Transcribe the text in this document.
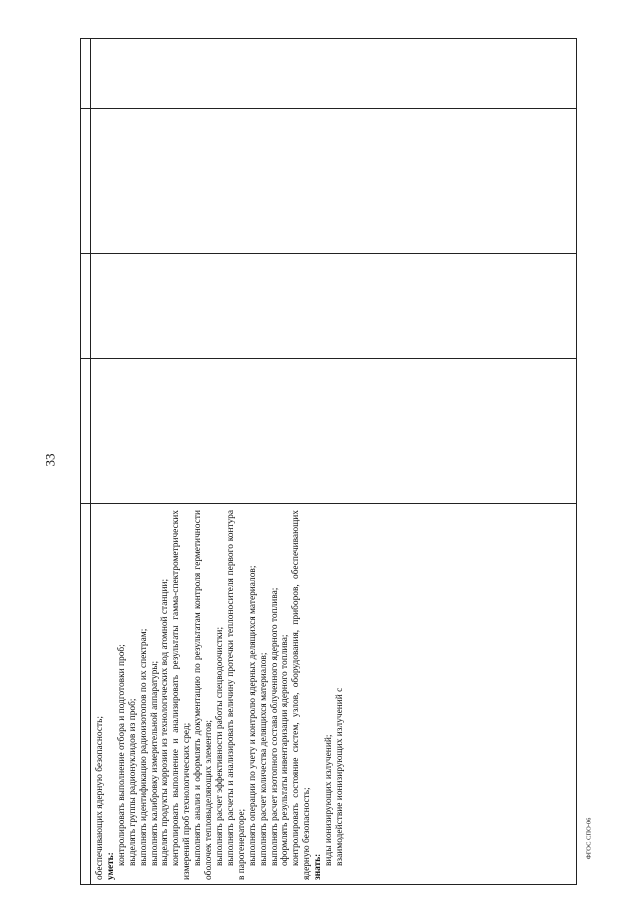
33

обеспечивающих ядерную безопасность; уметь:

контролировать выполнение отбора и подготовки проб; выделять группы радионуклидов из проб; выполнять идентификацию радиоизотопов по их спектрам; выполнять калибровку измерительной аппаратуры; выделять продукты коррозии из технологических вод атомной станции; контролировать выполнение и анализировать результаты гамма-спектрометрических измерений проб технологических сред; выполнять анализ и оформлять документацию по результатам контроля герметичности оболочек тепловыделяющих элементов; выполнять расчет эффективности работы спецводоочистки; выполнять расчеты и анализировать величину протечки теплоносителя первого контура в парогенераторе; выполнять операции по учету и контролю ядерных делящихся материалов; выполнять расчет количества делящихся материалов; выполнять расчет изотопного состава облученного ядерного топлива; оформлять результаты инвентаризации ядерного топлива; контролировать состояние систем, узлов, оборудования, приборов, обеспечивающих ядерную безопасность; знать:

виды ионизирующих излучений; взаимодействие ионизирующих излучений с	ФГОС СПО-06
